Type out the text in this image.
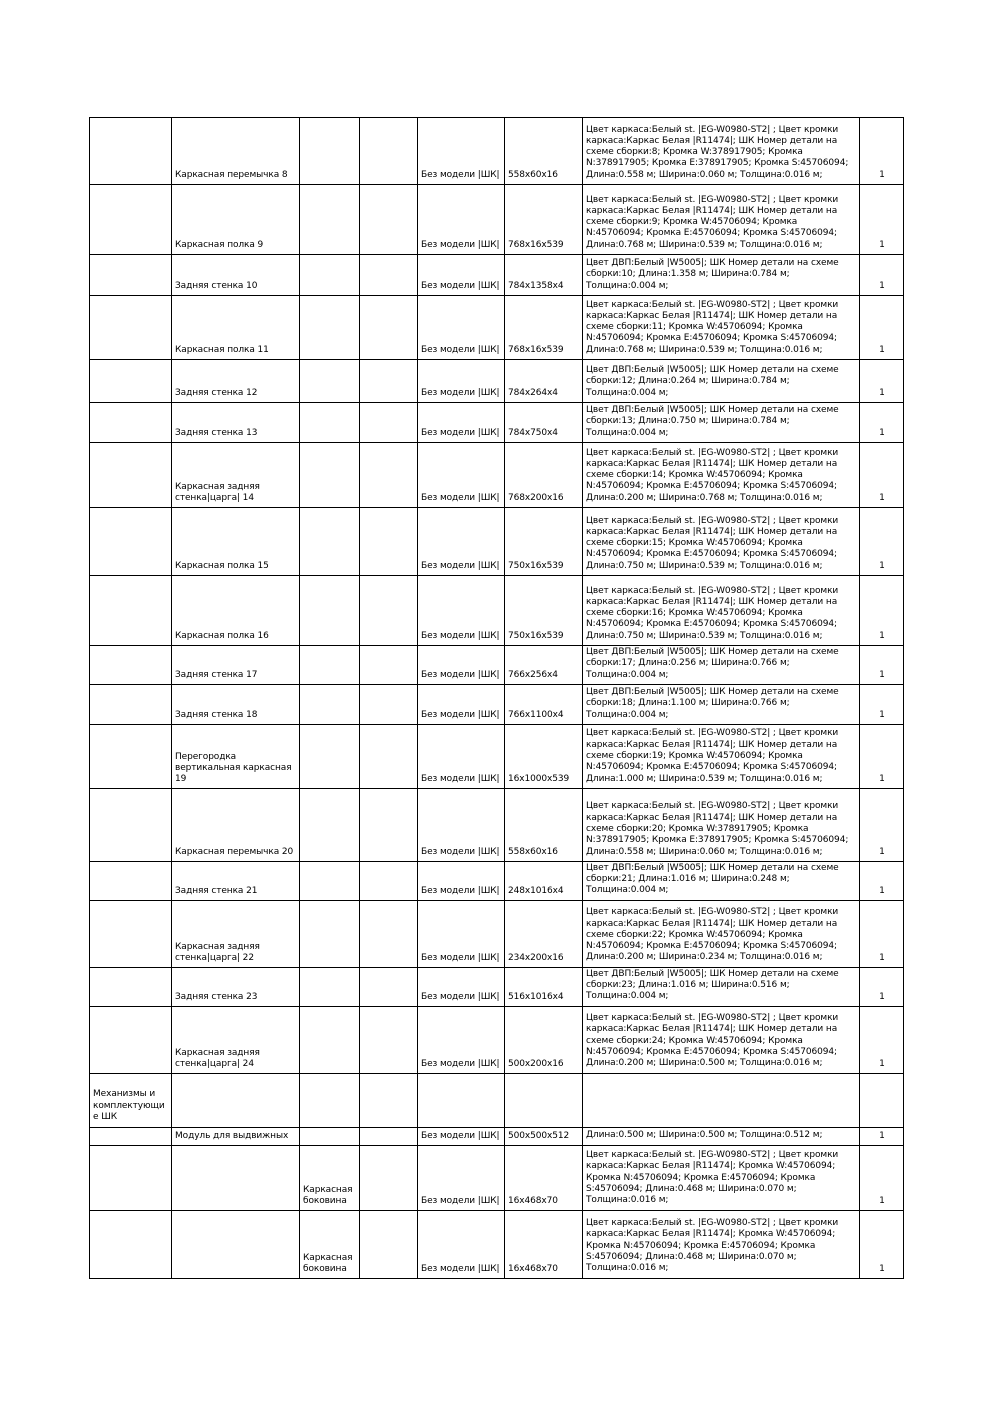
	Каркасная перемычка 8			Без модели |ШК|	558x60x16	Цвет каркаса:Белый st. |EG-W0980-ST2| ; Цвет кромки каркаса:Каркас Белая |R11474|; ШК Номер детали на схеме сборки:8; Кромка W:378917905; Кромка N:378917905; Кромка E:378917905; Кромка S:45706094; Длина:0.558 м; Ширина:0.060 м; Толщина:0.016 м;	1
	Каркасная полка 9			Без модели |ШК|	768x16x539	Цвет каркаса:Белый st. |EG-W0980-ST2| ; Цвет кромки каркаса:Каркас Белая |R11474|; ШК Номер детали на схеме сборки:9; Кромка W:45706094; Кромка N:45706094; Кромка E:45706094; Кромка S:45706094; Длина:0.768 м; Ширина:0.539 м; Толщина:0.016 м;	1
	Задняя стенка 10			Без модели |ШК|	784x1358x4	Цвет ДВП:Белый |W5005|; ШК Номер детали на схеме сборки:10; Длина:1.358 м; Ширина:0.784 м; Толщина:0.004 м;	1
	Каркасная полка 11			Без модели |ШК|	768x16x539	Цвет каркаса:Белый st. |EG-W0980-ST2| ; Цвет кромки каркаса:Каркас Белая |R11474|; ШК Номер детали на схеме сборки:11; Кромка W:45706094; Кромка N:45706094; Кромка E:45706094; Кромка S:45706094; Длина:0.768 м; Ширина:0.539 м; Толщина:0.016 м;	1
	Задняя стенка 12			Без модели |ШК|	784x264x4	Цвет ДВП:Белый |W5005|; ШК Номер детали на схеме сборки:12; Длина:0.264 м; Ширина:0.784 м; Толщина:0.004 м;	1
	Задняя стенка 13			Без модели |ШК|	784x750x4	Цвет ДВП:Белый |W5005|; ШК Номер детали на схеме сборки:13; Длина:0.750 м; Ширина:0.784 м; Толщина:0.004 м;	1
	Каркасная задняя стенка|царга| 14			Без модели |ШК|	768x200x16	Цвет каркаса:Белый st. |EG-W0980-ST2| ; Цвет кромки каркаса:Каркас Белая |R11474|; ШК Номер детали на схеме сборки:14; Кромка W:45706094; Кромка N:45706094; Кромка E:45706094; Кромка S:45706094; Длина:0.200 м; Ширина:0.768 м; Толщина:0.016 м;	1
	Каркасная полка 15			Без модели |ШК|	750x16x539	Цвет каркаса:Белый st. |EG-W0980-ST2| ; Цвет кромки каркаса:Каркас Белая |R11474|; ШК Номер детали на схеме сборки:15; Кромка W:45706094; Кромка N:45706094; Кромка E:45706094; Кромка S:45706094; Длина:0.750 м; Ширина:0.539 м; Толщина:0.016 м;	1
	Каркасная полка 16			Без модели |ШК|	750x16x539	Цвет каркаса:Белый st. |EG-W0980-ST2| ; Цвет кромки каркаса:Каркас Белая |R11474|; ШК Номер детали на схеме сборки:16; Кромка W:45706094; Кромка N:45706094; Кромка E:45706094; Кромка S:45706094; Длина:0.750 м; Ширина:0.539 м; Толщина:0.016 м;	1
	Задняя стенка 17			Без модели |ШК|	766x256x4	Цвет ДВП:Белый |W5005|; ШК Номер детали на схеме сборки:17; Длина:0.256 м; Ширина:0.766 м; Толщина:0.004 м;	1
	Задняя стенка 18			Без модели |ШК|	766x1100x4	Цвет ДВП:Белый |W5005|; ШК Номер детали на схеме сборки:18; Длина:1.100 м; Ширина:0.766 м; Толщина:0.004 м;	1
	Перегородка вертикальная каркасная 19			Без модели |ШК|	16x1000x539	Цвет каркаса:Белый st. |EG-W0980-ST2| ; Цвет кромки каркаса:Каркас Белая |R11474|; ШК Номер детали на схеме сборки:19; Кромка W:45706094; Кромка N:45706094; Кромка E:45706094; Кромка S:45706094; Длина:1.000 м; Ширина:0.539 м; Толщина:0.016 м;	1
	Каркасная перемычка 20			Без модели |ШК|	558x60x16	Цвет каркаса:Белый st. |EG-W0980-ST2| ; Цвет кромки каркаса:Каркас Белая |R11474|; ШК Номер детали на схеме сборки:20; Кромка W:378917905; Кромка N:378917905; Кромка E:378917905; Кромка S:45706094; Длина:0.558 м; Ширина:0.060 м; Толщина:0.016 м;	1
	Задняя стенка 21			Без модели |ШК|	248x1016x4	Цвет ДВП:Белый |W5005|; ШК Номер детали на схеме сборки:21; Длина:1.016 м; Ширина:0.248 м; Толщина:0.004 м;	1
	Каркасная задняя стенка|царга| 22			Без модели |ШК|	234x200x16	Цвет каркаса:Белый st. |EG-W0980-ST2| ; Цвет кромки каркаса:Каркас Белая |R11474|; ШК Номер детали на схеме сборки:22; Кромка W:45706094; Кромка N:45706094; Кромка E:45706094; Кромка S:45706094; Длина:0.200 м; Ширина:0.234 м; Толщина:0.016 м;	1
	Задняя стенка 23			Без модели |ШК|	516x1016x4	Цвет ДВП:Белый |W5005|; ШК Номер детали на схеме сборки:23; Длина:1.016 м; Ширина:0.516 м; Толщина:0.004 м;	1
	Каркасная задняя стенка|царга| 24			Без модели |ШК|	500x200x16	Цвет каркаса:Белый st. |EG-W0980-ST2| ; Цвет кромки каркаса:Каркас Белая |R11474|; ШК Номер детали на схеме сборки:24; Кромка W:45706094; Кромка N:45706094; Кромка E:45706094; Кромка S:45706094; Длина:0.200 м; Ширина:0.500 м; Толщина:0.016 м;	1
Механизмы и комплектующие ШК							
	Модуль для выдвижных			Без модели |ШК|	500x500x512	Длина:0.500 м; Ширина:0.500 м; Толщина:0.512 м;	1
		Каркасная боковина		Без модели |ШК|	16x468x70	Цвет каркаса:Белый st. |EG-W0980-ST2| ; Цвет кромки каркаса:Каркас Белая |R11474|; Кромка W:45706094; Кромка N:45706094; Кромка E:45706094; Кромка S:45706094; Длина:0.468 м; Ширина:0.070 м; Толщина:0.016 м;	1
		Каркасная боковина		Без модели |ШК|	16x468x70	Цвет каркаса:Белый st. |EG-W0980-ST2| ; Цвет кромки каркаса:Каркас Белая |R11474|; Кромка W:45706094; Кромка N:45706094; Кромка E:45706094; Кромка S:45706094; Длина:0.468 м; Ширина:0.070 м; Толщина:0.016 м;	1
